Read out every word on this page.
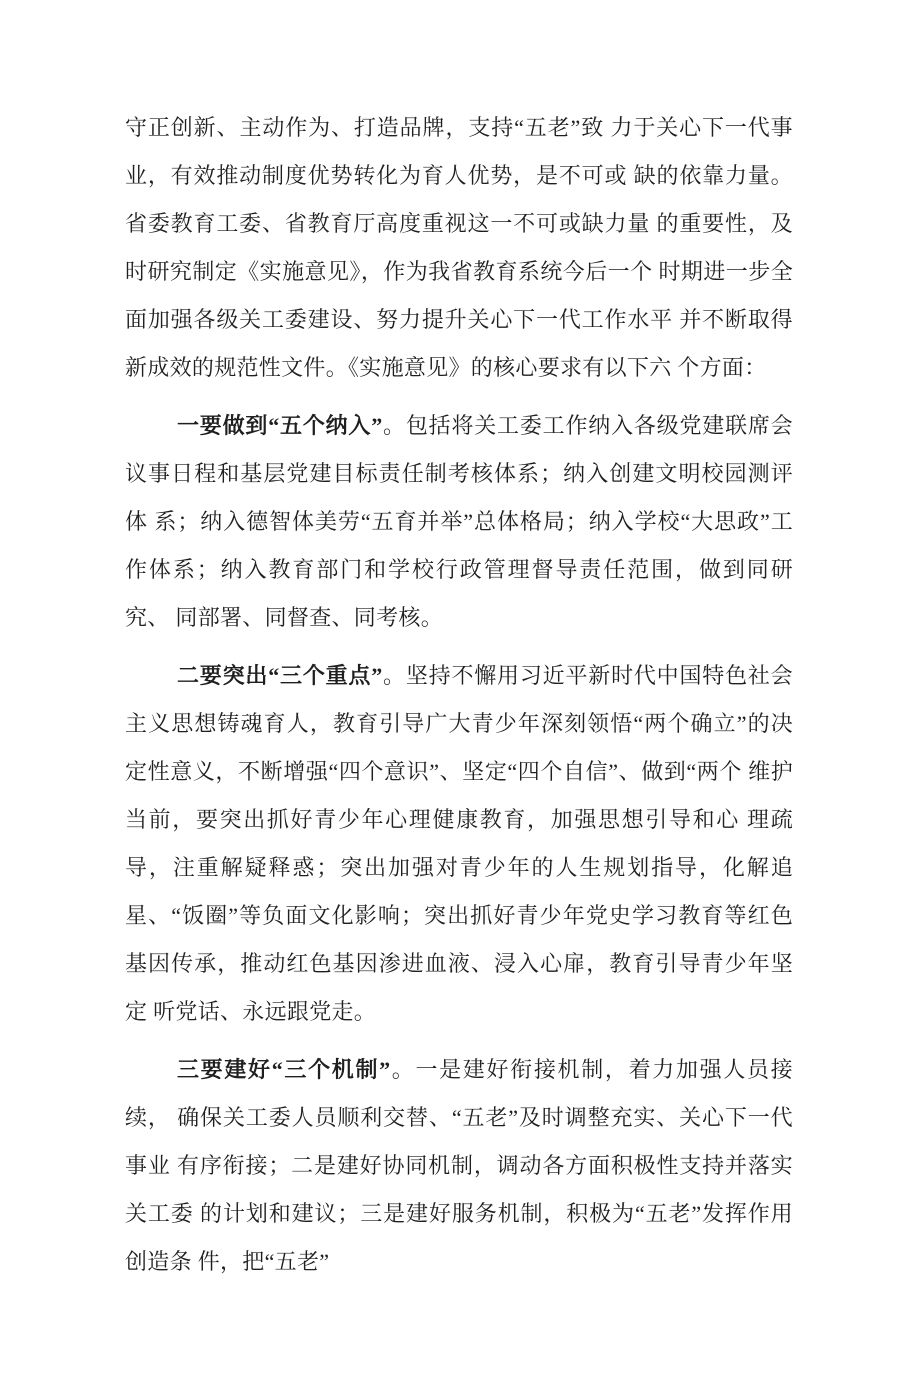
守正创新、主动作为、打造品牌，支持“五老”致 力于关心下一代事业，有效推动制度优势转化为育人优势，是不可或 缺的依靠力量。省委教育工委、省教育厅高度重视这一不可或缺力量 的重要性，及时研究制定《实施意见》，作为我省教育系统今后一个 时期进一步全面加强各级关工委建设、努力提升关心下一代工作水平 并不断取得新成效的规范性文件。《实施意见》的核心要求有以下六 个方面：

一要做到“五个纳入”。包括将关工委工作纳入各级党建联席会 议事日程和基层党建目标责任制考核体系；纳入创建文明校园测评体 系；纳入德智体美劳“五育并举”总体格局；纳入学校“大思政”工 作体系；纳入教育部门和学校行政管理督导责任范围，做到同研究、 同部署、同督查、同考核。

二要突出“三个重点”。坚持不懈用习近平新时代中国特色社会 主义思想铸魂育人，教育引导广大青少年深刻领悟“两个确立”的决 定性意义，不断增强“四个意识”、坚定“四个自信”、做到“两个 维护当前，要突出抓好青少年心理健康教育，加强思想引导和心 理疏导，注重解疑释惑；突出加强对青少年的人生规划指导，化解追 星、“饭圈”等负面文化影响；突出抓好青少年党史学习教育等红色 基因传承，推动红色基因渗进血液、浸入心扉，教育引导青少年坚定 听党话、永远跟党走。

三要建好“三个机制”。一是建好衔接机制，着力加强人员接续， 确保关工委人员顺利交替、“五老”及时调整充实、关心下一代事业 有序衔接；二是建好协同机制，调动各方面积极性支持并落实关工委 的计划和建议；三是建好服务机制，积极为“五老”发挥作用创造条 件，把“五老”
